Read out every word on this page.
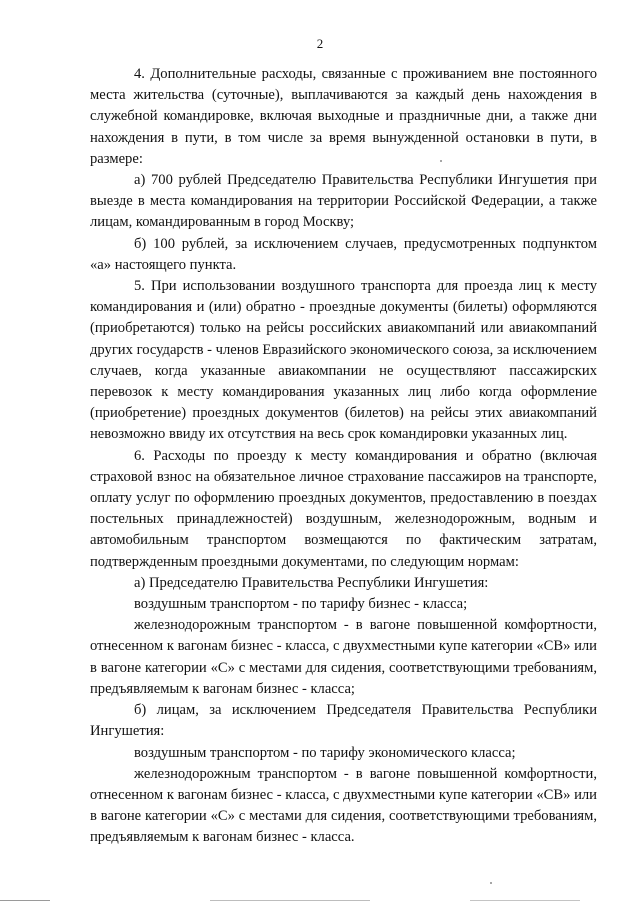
2

4. Дополнительные расходы, связанные с проживанием вне постоянного места жительства (суточные), выплачиваются за каждый день нахождения в служебной командировке, включая выходные и праздничные дни, а также дни нахождения в пути, в том числе за время вынужденной остановки в пути, в размере:

а) 700 рублей Председателю Правительства Республики Ингушетия при выезде в места командирования на территории Российской Федерации, а также лицам, командированным в город Москву;

б) 100 рублей, за исключением случаев, предусмотренных подпунктом «а» настоящего пункта.

5. При использовании воздушного транспорта для проезда лиц к месту командирования и (или) обратно - проездные документы (билеты) оформляются (приобретаются) только на рейсы российских авиакомпаний или авиакомпаний других государств - членов Евразийского экономического союза, за исключением случаев, когда указанные авиакомпании не осуществляют пассажирских перевозок к месту командирования указанных лиц либо когда оформление (приобретение) проездных документов (билетов) на рейсы этих авиакомпаний невозможно ввиду их отсутствия на весь срок командировки указанных лиц.

6. Расходы по проезду к месту командирования и обратно (включая страховой взнос на обязательное личное страхование пассажиров на транспорте, оплату услуг по оформлению проездных документов, предоставлению в поездах постельных принадлежностей) воздушным, железнодорожным, водным и автомобильным транспортом возмещаются по фактическим затратам, подтвержденным проездными документами, по следующим нормам:

а) Председателю Правительства Республики Ингушетия:

воздушным транспортом - по тарифу бизнес - класса;

железнодорожным транспортом - в вагоне повышенной комфортности, отнесенном к вагонам бизнес - класса, с двухместными купе категории «СВ» или в вагоне категории «С» с местами для сидения, соответствующими требованиям, предъявляемым к вагонам бизнес - класса;

б) лицам, за исключением Председателя Правительства Республики Ингушетия:

воздушным транспортом - по тарифу экономического класса;

железнодорожным транспортом - в вагоне повышенной комфортности, отнесенном к вагонам бизнес - класса, с двухместными купе категории «СВ» или в вагоне категории «С» с местами для сидения, соответствующими требованиям, предъявляемым к вагонам бизнес - класса.
